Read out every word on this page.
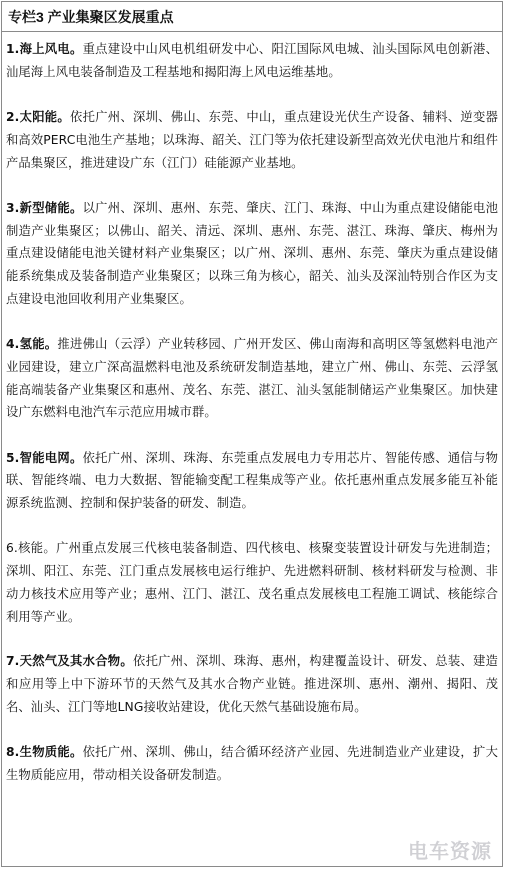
专栏3 产业集聚区发展重点

1.海上风电。重点建设中山风电机组研发中心、阳江国际风电城、汕头国际风电创新港、汕尾海上风电装备制造及工程基地和揭阳海上风电运维基地。

2.太阳能。依托广州、深圳、佛山、东莞、中山，重点建设光伏生产设备、辅料、逆变器和高效PERC电池生产基地；以珠海、韶关、江门等为依托建设新型高效光伏电池片和组件产品集聚区，推进建设广东（江门）硅能源产业基地。

3.新型储能。以广州、深圳、惠州、东莞、肇庆、江门、珠海、中山为重点建设储能电池制造产业集聚区；以佛山、韶关、清远、深圳、惠州、东莞、湛江、珠海、肇庆、梅州为重点建设储能电池关键材料产业集聚区；以广州、深圳、惠州、东莞、肇庆为重点建设储能系统集成及装备制造产业集聚区；以珠三角为核心，韶关、汕头及深汕特别合作区为支点建设电池回收利用产业集聚区。

4.氢能。推进佛山（云浮）产业转移园、广州开发区、佛山南海和高明区等氢燃料电池产业园建设，建立广深高温燃料电池及系统研发制造基地，建立广州、佛山、东莞、云浮氢能高端装备产业集聚区和惠州、茂名、东莞、湛江、汕头氢能制储运产业集聚区。加快建设广东燃料电池汽车示范应用城市群。

5.智能电网。依托广州、深圳、珠海、东莞重点发展电力专用芯片、智能传感、通信与物联、智能终端、电力大数据、智能输变配工程集成等产业。依托惠州重点发展多能互补能源系统监测、控制和保护装备的研发、制造。

6.核能。广州重点发展三代核电装备制造、四代核电、核聚变装置设计研发与先进制造；深圳、阳江、东莞、江门重点发展核电运行维护、先进燃料研制、核材料研发与检测、非动力核技术应用等产业；惠州、江门、湛江、茂名重点发展核电工程施工调试、核能综合利用等产业。

7.天然气及其水合物。依托广州、深圳、珠海、惠州，构建覆盖设计、研发、总装、建造和应用等上中下游环节的天然气及其水合物产业链。推进深圳、惠州、潮州、揭阳、茂名、汕头、江门等地LNG接收站建设，优化天然气基础设施布局。

8.生物质能。依托广州、深圳、佛山，结合循环经济产业园、先进制造业产业建设，扩大生物质能应用，带动相关设备研发制造。

电车资源
